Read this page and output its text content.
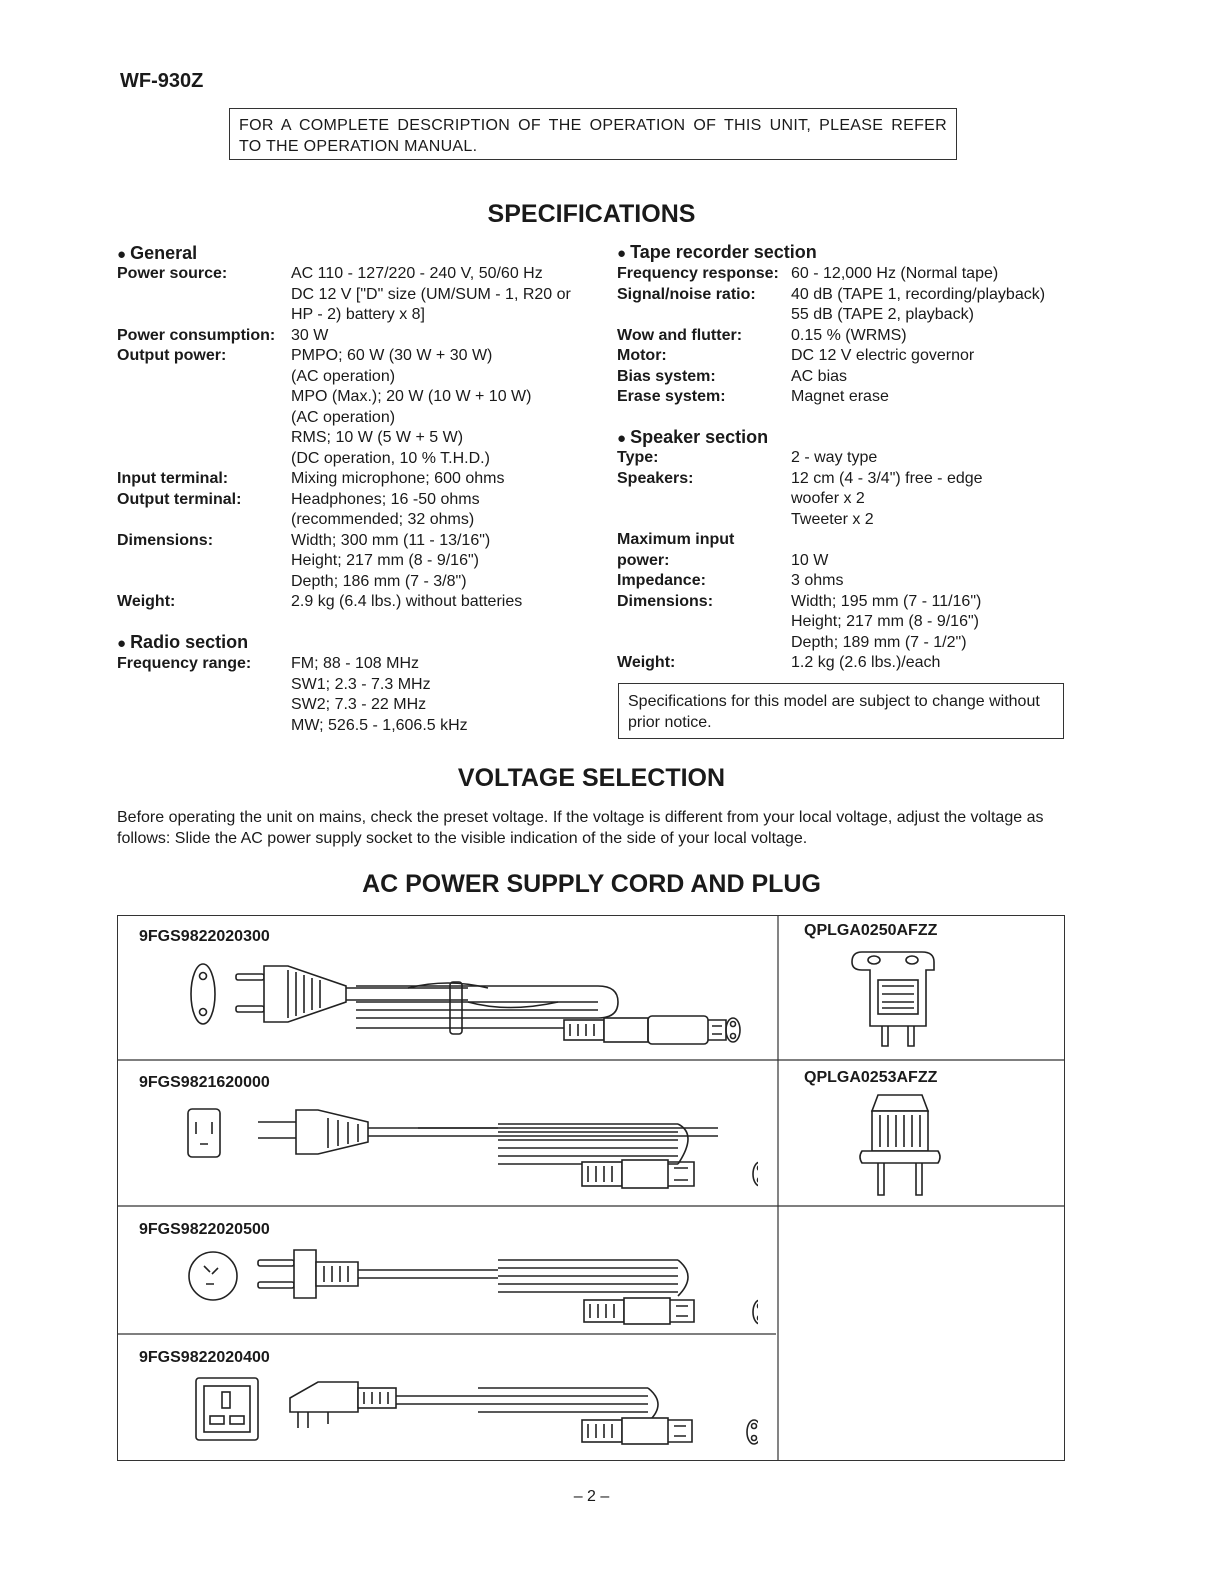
WF-930Z
FOR A COMPLETE DESCRIPTION OF THE OPERATION OF THIS UNIT, PLEASE REFER
TO THE OPERATION MANUAL.
SPECIFICATIONS
● General
Power source:	AC 110 - 127/220 - 240 V, 50/60 Hz
DC 12 V ["D" size (UM/SUM - 1, R20 or
HP - 2) battery x 8]
Power consumption: 30 W
Output power:	PMPO; 60 W (30 W + 30 W)
(AC operation)
MPO (Max.); 20 W (10 W + 10 W)
(AC operation)
RMS; 10 W (5 W + 5 W)
(DC operation, 10 % T.H.D.)
Input terminal:	Mixing microphone; 600 ohms
Output terminal:	Headphones; 16 -50 ohms
(recommended; 32 ohms)
Dimensions:	Width; 300 mm (11 - 13/16")
Height; 217 mm (8 - 9/16")
Depth; 186 mm (7 - 3/8")
Weight:	2.9 kg (6.4 lbs.) without batteries
● Radio section
Frequency range:	FM; 88 - 108 MHz
SW1; 2.3 - 7.3 MHz
SW2; 7.3 - 22 MHz
MW; 526.5 - 1,606.5 kHz
● Tape recorder section
Frequency response: 60 - 12,000 Hz (Normal tape)
Signal/noise ratio:	40 dB (TAPE 1, recording/playback)
55 dB (TAPE 2, playback)
Wow and flutter:	0.15 % (WRMS)
Motor:	DC 12 V electric governor
Bias system:	AC bias
Erase system:	Magnet erase
● Speaker section
Type:	2 - way type
Speakers:	12 cm (4 - 3/4") free - edge
woofer x 2
Tweeter x 2
Maximum input

power:	10 W
Impedance:	3 ohms
Dimensions:	Width; 195 mm (7 - 11/16")
Height; 217 mm (8 - 9/16")
Depth; 189 mm (7 - 1/2")
Weight:	1.2 kg (2.6 lbs.)/each
Specifications for this model are subject to change without prior notice.
VOLTAGE SELECTION
Before operating the unit on mains, check the preset voltage. If the voltage is different from your local voltage, adjust the voltage as follows: Slide the AC power supply socket to the visible indication of the side of your local voltage.
AC POWER SUPPLY CORD AND PLUG
9FGS9822020300
9FGS9821620000
9FGS9822020500
9FGS9822020400
QPLGA0250AFZZ
QPLGA0253AFZZ
– 2 –
